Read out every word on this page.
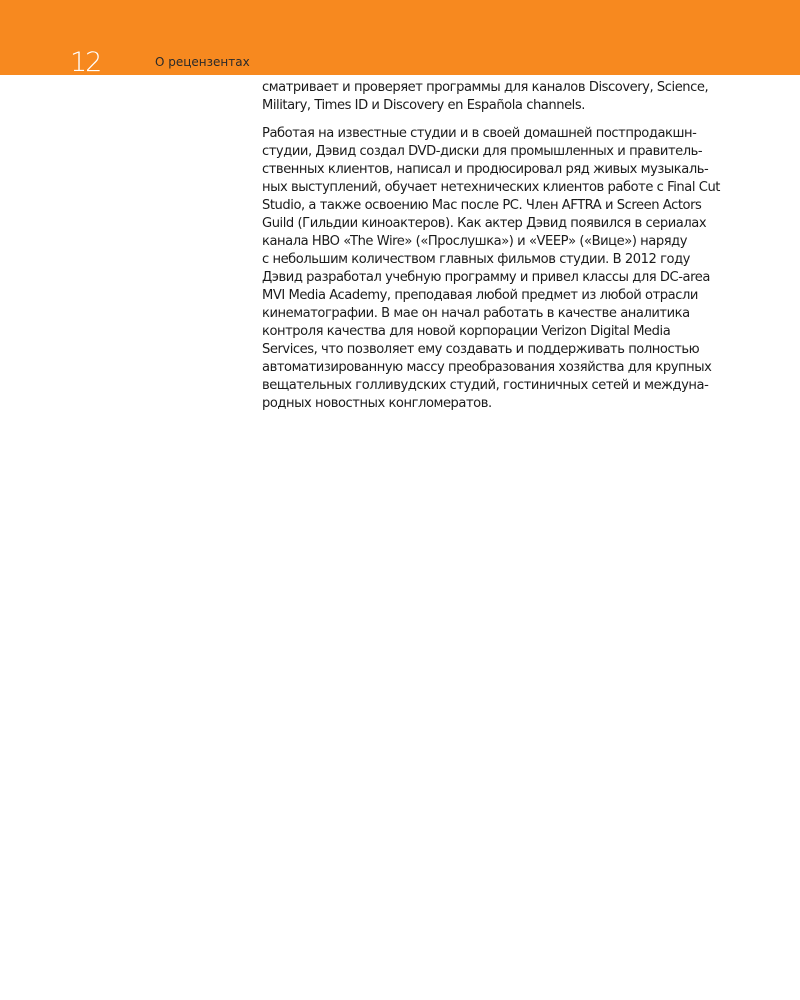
12	О рецензентах

сматривает и проверяет программы для каналов Discovery, Science,
Military, Times ID и Discovery en Española channels.

Работая на известные студии и в своей домашней постпродакшн-
студии, Дэвид создал DVD-диски для промышленных и правитель-
ственных клиентов, написал и продюсировал ряд живых музыкаль-
ных выступлений, обучает нетехнических клиентов работе с Final Cut
Studio, а также освоению Mac после PC. Член AFTRA и Screen Actors
Guild (Гильдии киноактеров). Как актер Дэвид появился в сериалах
канала HBO «The Wire» («Прослушка») и «VEEP» («Вице») наряду
с небольшим количеством главных фильмов студии. В 2012 году
Дэвид разработал учебную программу и привел классы для DC-area
MVI Media Academy, преподавая любой предмет из любой отрасли
кинематографии. В мае он начал работать в качестве аналитика
контроля качества для новой корпорации Verizon Digital Media
Services, что позволяет ему создавать и поддерживать полностью
автоматизированную массу преобразования хозяйства для крупных
вещательных голливудских студий, гостиничных сетей и междуна-
родных новостных конгломератов.
